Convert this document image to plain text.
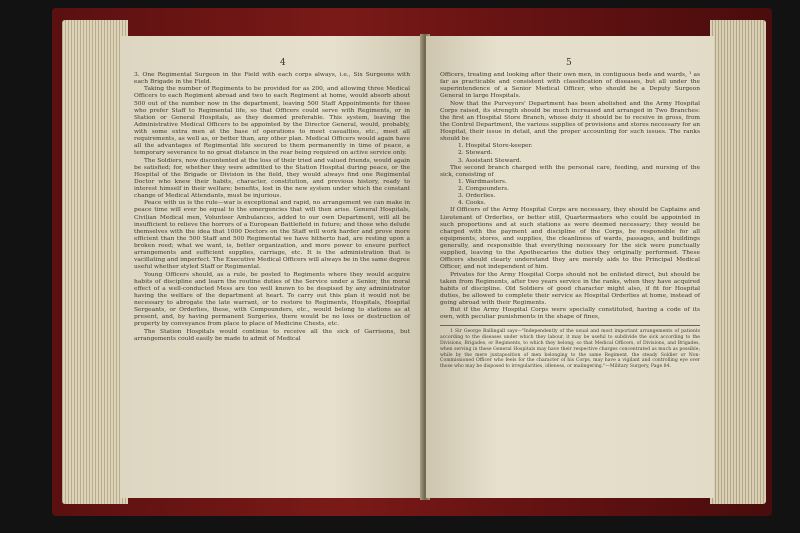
4

3. One Regimental Surgeon in the Field with each corps always, i.e., Six Surgeons with each Brigade in the Field.

Taking the number of Regiments to be provided for as 200, and allowing three Medical Officers to each Regiment abroad and two to each Regiment at home, would absorb about 500 out of the number now in the department, leaving 500 Staff Appointments for those who prefer Staff to Regimental life, so that Officers could serve with Regiments, or in Station or General Hospitals, as they deemed preferable. This system, leaving the Administrative Medical Officers to be appointed by the Director General, would, probably, with some extra men at the base of operations to meet casualties, etc., meet all requirements, as well as, or better than, any other plan. Medical Officers would again have all the advantages of Regimental life secured to them permanently in time of peace, a temporary severance to no great distance in the rear being required on active service only.

The Soldiers, now discontented at the loss of their tried and valued friends, would again be satisfied; for, whether they were admitted to the Station Hospital during peace, or the Hospital of the Brigade or Division in the field, they would always find one Regimental Doctor who knew their habits, character, constitution, and previous history, ready to interest himself in their welfare; benefits, lost in the new system under which the constant change of Medical Attendants, must be injurious.

Peace with us is the rule—war is exceptional and rapid, no arrangement we can make in peace time will ever be equal to the emergencies that will then arise. General Hospitals, Civilian Medical men, Volunteer Ambulances, added to our own Department, will all be insufficient to relieve the horrors of a European Battlefield in future; and those who delude themselves with the idea that 1000 Doctors on the Staff will work harder and prove more efficient than the 500 Staff and 500 Regimental we have hitherto had, are resting upon a broken reed; what we want, is, better organization, and more power to ensure perfect arrangements and sufficient supplies, carriage, etc. It is the administration that is vacillating and imperfect. The Executive Medical Officers will always be in the same degree useful whether styled Staff or Regimental.

Young Officers should, as a rule, be posted to Regiments where they would acquire habits of discipline and learn the routine duties of the Service under a Senior, the moral effect of a well-conducted Mess are too well known to be despised by any administrator having the welfare of the department at heart. To carry out this plan it would not be necessary to abrogate the late warrant, or to restore to Regiments, Hospitals, Hospital Sergeants, or Orderlies, these, with Compounders, etc., would belong to stations as at present, and, by having permanent Surgeries, there would be no loss or destruction of property by conveyance from place to place of Medicine Chests, etc.

The Station Hospitals would continue to receive all the sick of Garrisons, but arrangements could easily be made to admit of Medical

5

Officers, treating and looking after their own men, in contiguous beds and wards, ¹ as far as practicable and consistent with classification of diseases, but all under the superintendence of a Senior Medical Officer, who should be a Deputy Surgeon General in large Hospitals.

Now that the Purveyors' Department has been abolished and the Army Hospital Corps raised, its strength should be much increased and arranged in Two Branches: the first an Hospital Store Branch, whose duty it should be to receive in gross, from the Control Department, the various supplies of provisions and stores necessary for an Hospital, their issue in detail, and the proper accounting for such issues. The ranks should be

1. Hospital Store-keeper.
2. Steward.
3. Assistant Steward.

The second branch charged with the personal care, feeding, and nursing of the sick, consisting of

1. Wardmasters.
2. Compounders.
3. Orderlies.
4. Cooks.

If Officers of the Army Hospital Corps are necessary, they should be Captains and Lieutenant of Orderlies, or better still, Quartermasters who could be appointed in such proportions and at such stations as were deemed necessary; they would be charged with the payment and discipline of the Corps, be responsible for all equipments, stores, and supplies, the cleanliness of wards, passages, and buildings generally, and responsible that everything necessary for the sick were punctually supplied, leaving to the Apothecaries the duties they originally performed. These Officers should clearly understand they are merely aids to the Principal Medical Officer, and not independent of him.

Privates for the Army Hospital Corps should not be enlisted direct, but should be taken from Regiments, after two years service in the ranks, when they have acquired habits of discipline. Old Soldiers of good character might also, if fit for Hospital duties, be allowed to complete their service as Hospital Orderlies at home, instead of going abroad with their Regiments.

But if the Army Hospital Corps were specially constituted, having a code of its own, with peculiar punishments in the shape of fines,

1 Sir George Ballingall says—"Independently of the usual and most important arrangements of patients according to the diseases under which they labour, it may be useful to subdivide the sick according to the Divisions, Brigades, or Regiments, to which they belong; so that Medical Officers, of Divisions, and Brigades, when serving in these General Hospitals may have their respective charges concentrated as much as possible; while by the mere juxtaposition of men belonging to the same Regiment, the steady Soldier or Non-Commissioned Officer who feels for the character of his Corps, may have a vigilant and controlling eye over those who may be disposed to irregularities, idleness, or malingering."—Military Surgery, Page 84.
